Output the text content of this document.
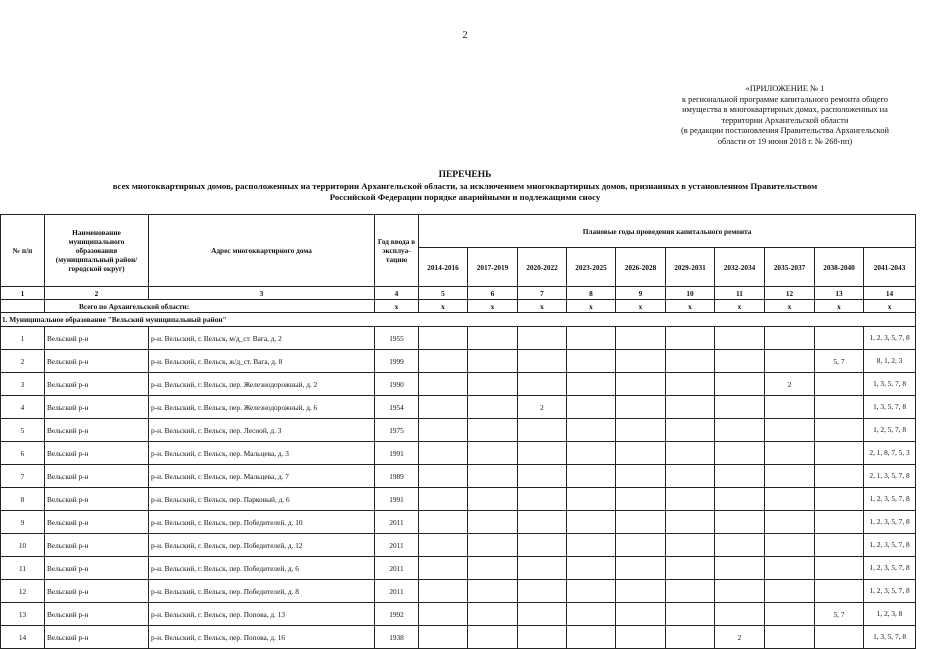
2
«ПРИЛОЖЕНИЕ № 1
к региональной программе капитального ремонта общего
имущества в многоквартирных домах, расположенных на
территории Архангельской области
(в редакции постановления Правительства Архангельской
области от 19 июня 2018 г. № 268-пп)
ПЕРЕЧЕНЬ
всех многоквартирных домов, расположенных на территории Архангельской области, за исключением многоквартирных домов, признанных в установленном Правительством
Российской Федерации порядке аварийными и подлежащими сносу
№ п/п	Наименование муниципального образования (муниципальный район/городской округ)	Адрес многоквартирного дома	Год ввода в эксплуа-тацию	Плановые годы проведения капитального ремонта									
				2014-2016	2017-2019	2020-2022	2023-2025	2026-2028	2029-2031	2032-2034	2035-2037	2038-2040	2041-2043
1	2	3	4	5	6	7	8	9	10	11	12	13	14
	Всего по Архангельской области:		x	x	x	x	x	x	x	x	x	x	x
1. Муниципальное образование "Вельский муниципальный район"													
1	Вельский р-н	р-н. Вельский, г. Вельск, м/д_ст. Вага, д. 2	1955										1, 2, 3, 5, 7, 8
2	Вельский р-н	р-н. Вельский, г. Вельск, ж/д_ст. Вага, д. 8	1999									5, 7	8, 1, 2, 3
3	Вельский р-н	р-н. Вельский, г. Вельск, пер. Железнодорожный, д. 2	1990								2		1, 3, 5, 7, 8
4	Вельский р-н	р-н. Вельский, г. Вельск, пер. Железнодорожный, д. 6	1954			2							1, 3, 5, 7, 8
5	Вельский р-н	р-н. Вельский, г. Вельск, пер. Лесной, д. 3	1975										1, 2, 5, 7, 8
6	Вельский р-н	р-н. Вельский, г. Вельск, пер. Мальцева, д. 3	1991										2, 1, 8, 7, 5, 3
7	Вельский р-н	р-н. Вельский, г. Вельск, пер. Мальцева, д. 7	1989										2, 1, 3, 5, 7, 8
8	Вельский р-н	р-н. Вельский, г. Вельск, пер. Парковый, д. 6	1991										1, 2, 3, 5, 7, 8
9	Вельский р-н	р-н. Вельский, г. Вельск, пер. Победителей, д. 10	2011										1, 2, 3, 5, 7, 8
10	Вельский р-н	р-н. Вельский, г. Вельск, пер. Победителей, д. 12	2011										1, 2, 3, 5, 7, 8
11	Вельский р-н	р-н. Вельский, г. Вельск, пер. Победителей, д. 6	2011										1, 2, 3, 5, 7, 8
12	Вельский р-н	р-н. Вельский, г. Вельск, пер. Победителей, д. 8	2011										1, 2, 3, 5, 7, 8
13	Вельский р-н	р-н. Вельский, г. Вельск, пер. Попова, д. 13	1992									5, 7	1, 2, 3, 8
14	Вельский р-н	р-н. Вельский, г. Вельск, пер. Попова, д. 16	1938							2			1, 3, 5, 7, 8
